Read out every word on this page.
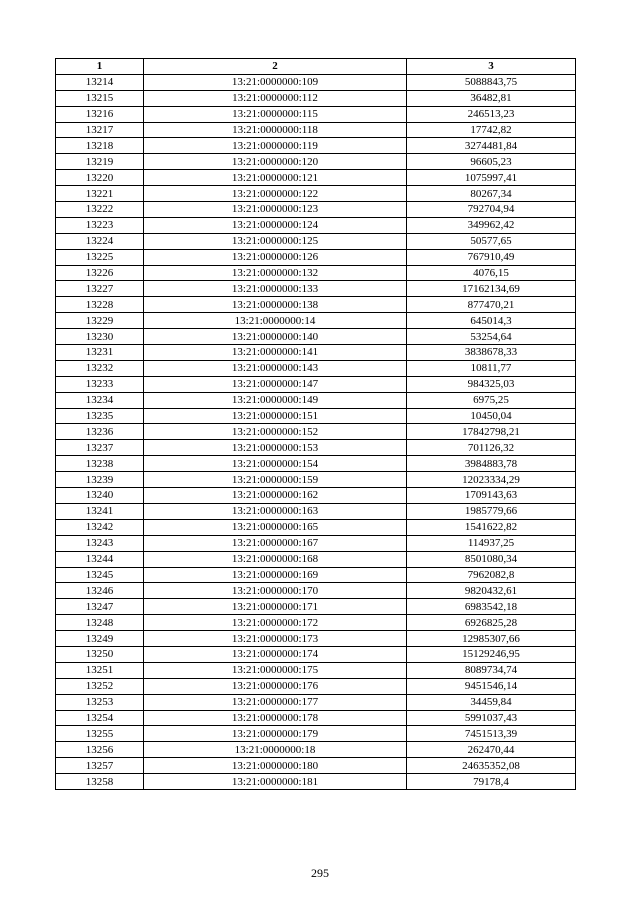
1	2	3
13214	13:21:0000000:109	5088843,75
13215	13:21:0000000:112	36482,81
13216	13:21:0000000:115	246513,23
13217	13:21:0000000:118	17742,82
13218	13:21:0000000:119	3274481,84
13219	13:21:0000000:120	96605,23
13220	13:21:0000000:121	1075997,41
13221	13:21:0000000:122	80267,34
13222	13:21:0000000:123	792704,94
13223	13:21:0000000:124	349962,42
13224	13:21:0000000:125	50577,65
13225	13:21:0000000:126	767910,49
13226	13:21:0000000:132	4076,15
13227	13:21:0000000:133	17162134,69
13228	13:21:0000000:138	877470,21
13229	13:21:0000000:14	645014,3
13230	13:21:0000000:140	53254,64
13231	13:21:0000000:141	3838678,33
13232	13:21:0000000:143	10811,77
13233	13:21:0000000:147	984325,03
13234	13:21:0000000:149	6975,25
13235	13:21:0000000:151	10450,04
13236	13:21:0000000:152	17842798,21
13237	13:21:0000000:153	701126,32
13238	13:21:0000000:154	3984883,78
13239	13:21:0000000:159	12023334,29
13240	13:21:0000000:162	1709143,63
13241	13:21:0000000:163	1985779,66
13242	13:21:0000000:165	1541622,82
13243	13:21:0000000:167	114937,25
13244	13:21:0000000:168	8501080,34
13245	13:21:0000000:169	7962082,8
13246	13:21:0000000:170	9820432,61
13247	13:21:0000000:171	6983542,18
13248	13:21:0000000:172	6926825,28
13249	13:21:0000000:173	12985307,66
13250	13:21:0000000:174	15129246,95
13251	13:21:0000000:175	8089734,74
13252	13:21:0000000:176	9451546,14
13253	13:21:0000000:177	34459,84
13254	13:21:0000000:178	5991037,43
13255	13:21:0000000:179	7451513,39
13256	13:21:0000000:18	262470,44
13257	13:21:0000000:180	24635352,08
13258	13:21:0000000:181	79178,4
295
